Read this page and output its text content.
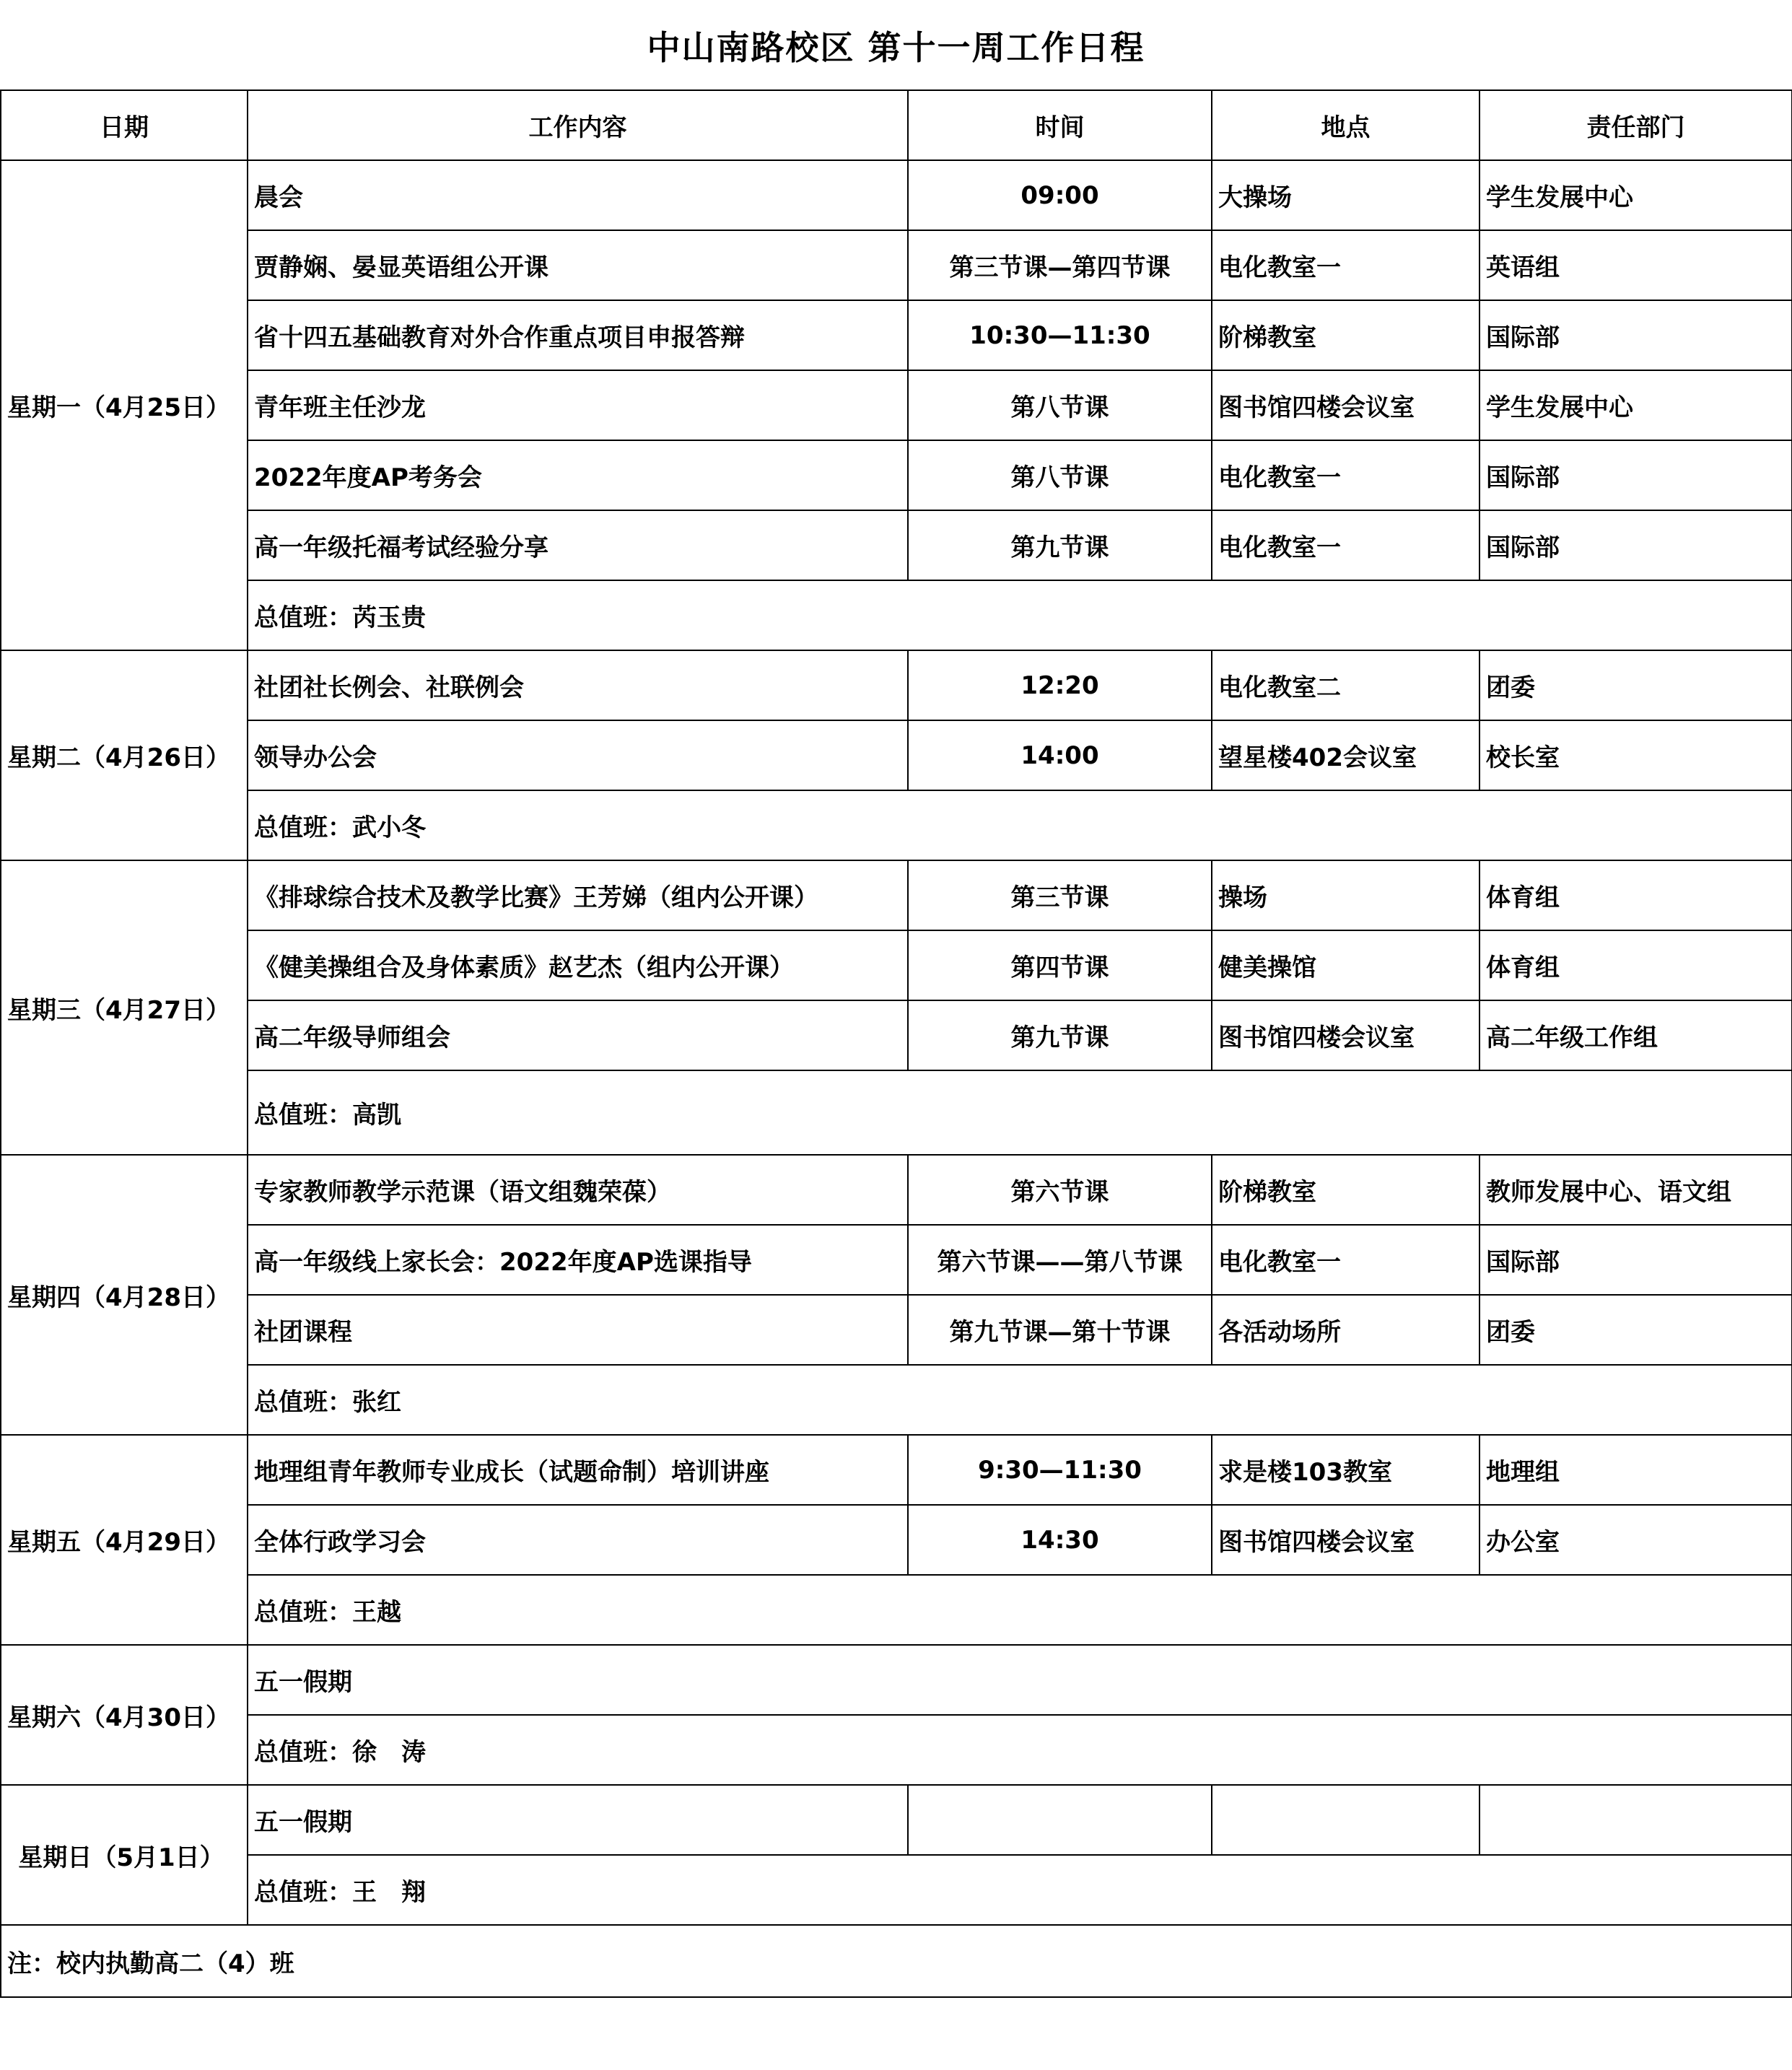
中山南路校区 第十一周工作日程
日期	工作内容	时间	地点	责任部门
星期一（4月25日）	晨会	09:00	大操场	学生发展中心
	贾静娴、晏显英语组公开课	第三节课—第四节课	电化教室一	英语组
	省十四五基础教育对外合作重点项目申报答辩	10:30—11:30	阶梯教室	国际部
	青年班主任沙龙	第八节课	图书馆四楼会议室	学生发展中心
	2022年度AP考务会	第八节课	电化教室一	国际部
	高一年级托福考试经验分享	第九节课	电化教室一	国际部
	总值班：芮玉贵			
星期二（4月26日）	社团社长例会、社联例会	12:20	电化教室二	团委
	领导办公会	14:00	望星楼402会议室	校长室
	总值班：武小冬			
星期三（4月27日）	《排球综合技术及教学比赛》王芳娣（组内公开课）	第三节课	操场	体育组
	《健美操组合及身体素质》赵艺杰（组内公开课）	第四节课	健美操馆	体育组
	高二年级导师组会	第九节课	图书馆四楼会议室	高二年级工作组
	总值班：高凯			
星期四（4月28日）	专家教师教学示范课（语文组魏荣葆）	第六节课	阶梯教室	教师发展中心、语文组
	高一年级线上家长会：2022年度AP选课指导	第六节课——第八节课	电化教室一	国际部
	社团课程	第九节课—第十节课	各活动场所	团委
	总值班：张红			
星期五（4月29日）	地理组青年教师专业成长（试题命制）培训讲座	9:30—11:30	求是楼103教室	地理组
	全体行政学习会	14:30	图书馆四楼会议室	办公室
	总值班：王越			
星期六（4月30日）	五一假期			
	总值班：徐　涛			
星期日（5月1日）	五一假期			
	总值班：王　翔			
注：校内执勤高二（4）班				
